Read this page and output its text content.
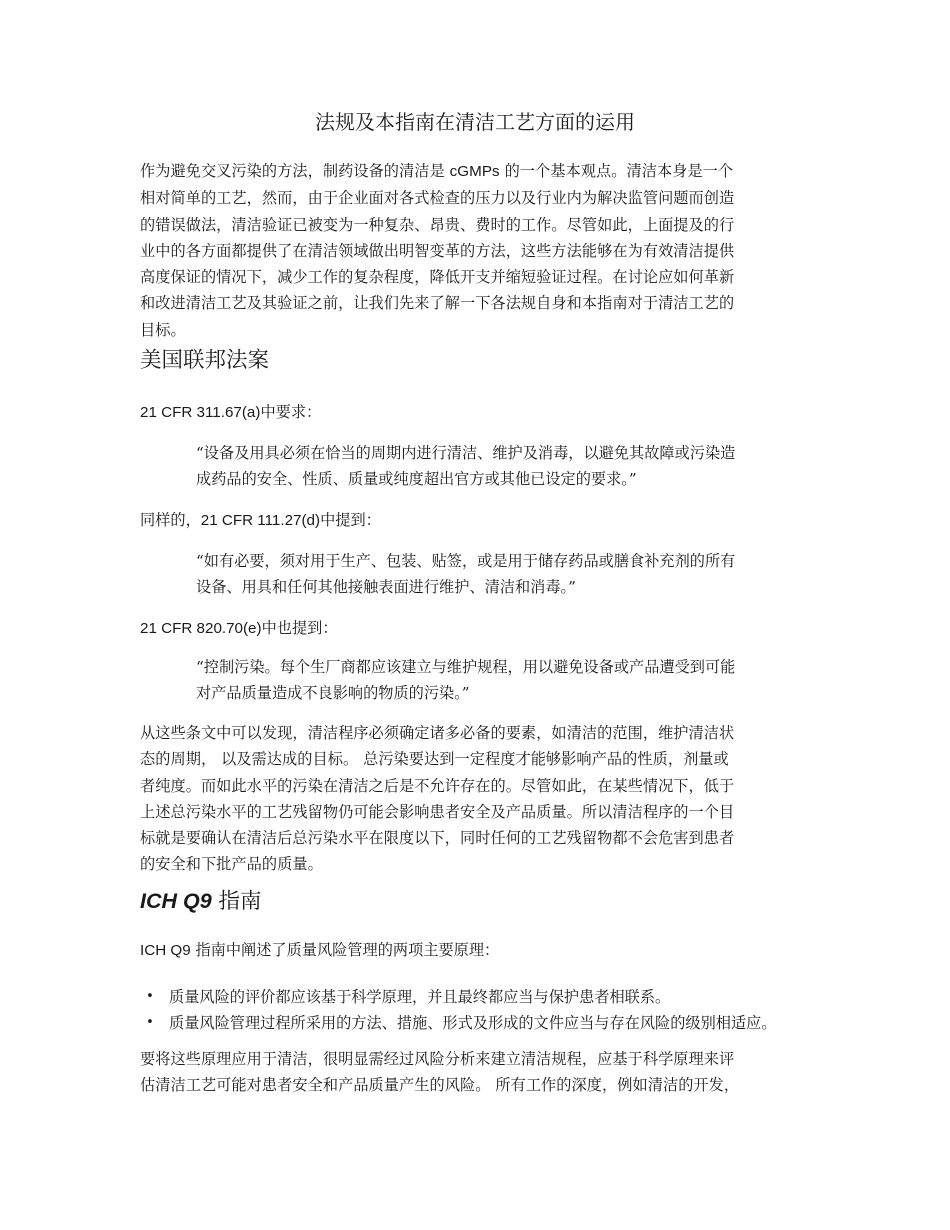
法规及本指南在清洁工艺方面的运用
作为避免交叉污染的方法，制药设备的清洁是 cGMPs 的一个基本观点。清洁本身是一个
相对简单的工艺，然而，由于企业面对各式检查的压力以及行业内为解决监管问题而创造
的错误做法，清洁验证已被变为一种复杂、昂贵、费时的工作。尽管如此，上面提及的行
业中的各方面都提供了在清洁领域做出明智变革的方法，这些方法能够在为有效清洁提供
高度保证的情况下，减少工作的复杂程度，降低开支并缩短验证过程。在讨论应如何革新
和改进清洁工艺及其验证之前，让我们先来了解一下各法规自身和本指南对于清洁工艺的
目标。
美国联邦法案
21 CFR 311.67(a)中要求：
“设备及用具必须在恰当的周期内进行清洁、维护及消毒，以避免其故障或污染造
成药品的安全、性质、质量或纯度超出官方或其他已设定的要求。”
同样的，21 CFR 111.27(d)中提到：
“如有必要，须对用于生产、包装、贴签，或是用于储存药品或膳食补充剂的所有
设备、用具和任何其他接触表面进行维护、清洁和消毒。”
21 CFR 820.70(e)中也提到：
“控制污染。每个生厂商都应该建立与维护规程，用以避免设备或产品遭受到可能
对产品质量造成不良影响的物质的污染。”
从这些条文中可以发现，清洁程序必须确定诸多必备的要素，如清洁的范围，维护清洁状
态的周期， 以及需达成的目标。 总污染要达到一定程度才能够影响产品的性质，剂量或
者纯度。而如此水平的污染在清洁之后是不允许存在的。尽管如此，在某些情况下，低于
上述总污染水平的工艺残留物仍可能会影响患者安全及产品质量。所以清洁程序的一个目
标就是要确认在清洁后总污染水平在限度以下，同时任何的工艺残留物都不会危害到患者
的安全和下批产品的质量。
ICH Q9 指南
ICH Q9 指南中阐述了质量风险管理的两项主要原理：
• 质量风险的评价都应该基于科学原理，并且最终都应当与保护患者相联系。
• 质量风险管理过程所采用的方法、措施、形式及形成的文件应当与存在风险的级别相适应。
要将这些原理应用于清洁，很明显需经过风险分析来建立清洁规程，应基于科学原理来评
估清洁工艺可能对患者安全和产品质量产生的风险。 所有工作的深度，例如清洁的开发，
